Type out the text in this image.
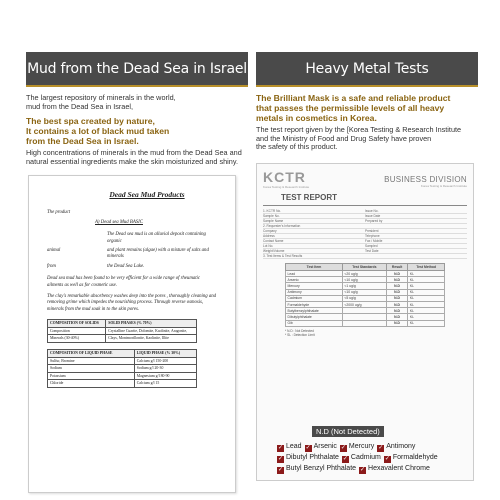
Mud from the Dead Sea in Israel
The largest repository of minerals in the world,
mud from the Dead Sea in Israel,
The best spa created by nature,
It contains a lot of black mud taken
from the Dead Sea in Israel.
High concentrations of minerals in the mud from the Dead Sea and
natural essential ingredients make the skin moisturized and shiny.
Dead Sea Mud Products
The product
A) Dead sea Mud BASIC
The Dead sea mud is an alluvial deposit containing organic
animal	and plant remains (algae) with a mixture of salts and minerals
from	the Dead Sea Lake.
Dead sea mud has been found to be very efficient for a wide range of rheumatic ailments as well as for cosmetic use.
The clay's remarkable absorbency washes deep into the pores , thoroughly cleaning and removing grime which impedes the nourishing process. Through reverse osmosis, minerals from the mud soak in to the skin pores.
COMPOSITION OF SOLIDS	SOLID PHASES (% 70%)
Composition	Crystalline Cuarite, Dolomite, Kaolinite, Aragonite,
Minerals (30-40%)	Clays, Montmorillonite, Kaolinite, Illite
COMPOSITION OF LIQUID PHASE	LIQUID PHASE (% 30%)
Sulfur, Bromine	Calcium g/l 150-200
Sodium	Sodium g/l 20-30
Potassium	Magnesium g/l 80-90
Chloride	Calcium g/l 15
Heavy Metal Tests
The Brilliant Mask is a safe and reliable product
that passes the permissible levels of all heavy
metals in cosmetics in Korea.
The test report given by the [Korea Testing & Research Institute
and the Ministry of Food and Drug Safety have proven
the safety of this product.
KCTR
Korea Testing & Research Institute
BUSINESS DIVISION
Korea Testing & Research Institute
TEST REPORT
1. KCTR No.	Issue No.
Sample No.	Issue Date
Sample Name	Prepared by
2. Requester's Information
Company	President
Address	Telephone
Contact Name	Fax / Mobile
Lot No.	Sampled
Weight/Volume	Test Date
3. Test Items & Test Results
Test Item	Test Standards	Result	Test Method
Lead	<20 ug/g	N.D	KL
Arsenic	<10 ug/g	N.D	KL
Mercury	<1 ug/g	N.D	KL
Antimony	<10 ug/g	N.D	KL
Cadmium	<5 ug/g	N.D	KL
Formaldehyde	<2000 ug/g	N.D	KL
Butylbenzylphthalate		N.D	KL
Dibutylphthalate		N.D	KL
Gib		N.D	KL
* N.D : Not Detected
* SL : Detection Limit
N.D (Not Detected)
✓ Lead ✓ Arsenic ✓ Mercury ✓ Antimony
✓ Dibutyl Phthalate ✓ Cadmium ✓ Formaldehyde
✓ Butyl Benzyl Phthalate ✓ Hexavalent Chrome
